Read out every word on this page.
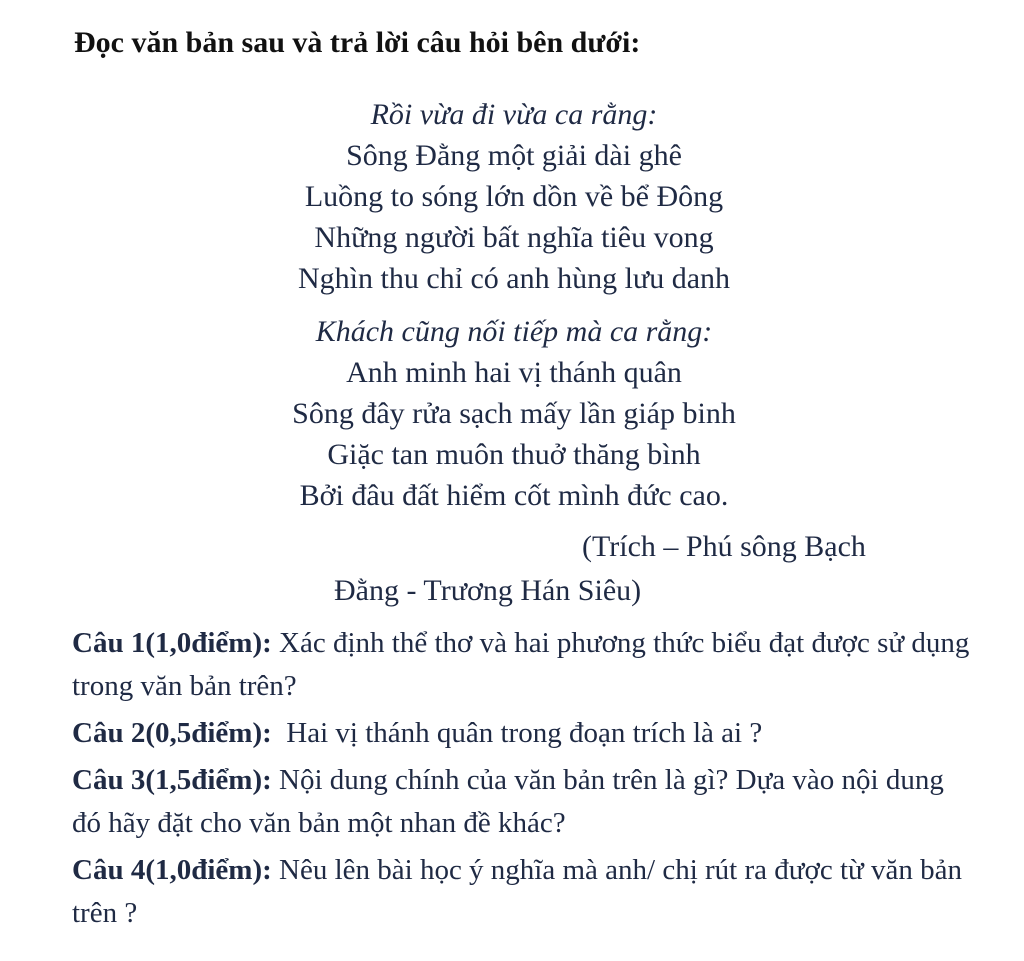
Đọc văn bản sau và trả lời câu hỏi bên dưới:
Rồi vừa đi vừa ca rằng:
Sông Đằng một giải dài ghê
Luồng to sóng lớn dồn về bể Đông
Những người bất nghĩa tiêu vong
Nghìn thu chỉ có anh hùng lưu danh
Khách cũng nối tiếp mà ca rằng:
Anh minh hai vị thánh quân
Sông đây rửa sạch mấy lần giáp binh
Giặc tan muôn thuở thăng bình
Bởi đâu đất hiểm cốt mình đức cao.
(Trích – Phú sông Bạch
Đằng - Trương Hán Siêu)

Câu 1(1,0điểm): Xác định thể thơ và hai phương thức biểu đạt được sử dụng trong văn bản trên?

Câu 2(0,5điểm):  Hai vị thánh quân trong đoạn trích là ai ?

Câu 3(1,5điểm): Nội dung chính của văn bản trên là gì? Dựa vào nội dung đó hãy đặt cho văn bản một nhan đề khác?

Câu 4(1,0điểm): Nêu lên bài học ý nghĩa mà anh/ chị rút ra được từ văn bản trên ?
